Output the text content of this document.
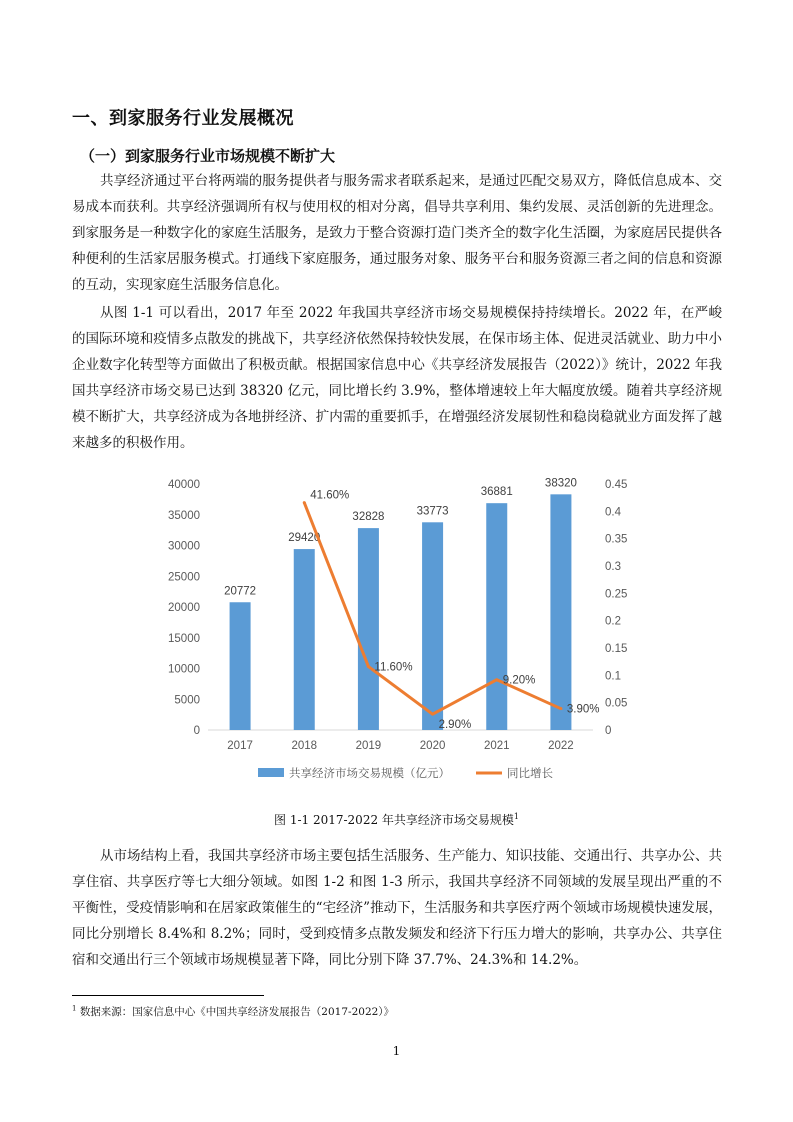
一、到家服务行业发展概况
（一）到家服务行业市场规模不断扩大

共享经济通过平台将两端的服务提供者与服务需求者联系起来，是通过匹配交易双方，降低信息成本、交易成本而获利。共享经济强调所有权与使用权的相对分离，倡导共享利用、集约发展、灵活创新的先进理念。到家服务是一种数字化的家庭生活服务，是致力于整合资源打造门类齐全的数字化生活圈，为家庭居民提供各种便利的生活家居服务模式。打通线下家庭服务，通过服务对象、服务平台和服务资源三者之间的信息和资源的互动，实现家庭生活服务信息化。

从图 1-1 可以看出，2017 年至 2022 年我国共享经济市场交易规模保持持续增长。2022 年，在严峻的国际环境和疫情多点散发的挑战下，共享经济依然保持较快发展，在保市场主体、促进灵活就业、助力中小企业数字化转型等方面做出了积极贡献。根据国家信息中心《共享经济发展报告（2022）》统计，2022 年我国共享经济市场交易已达到 38320 亿元，同比增长约 3.9%，整体增速较上年大幅度放缓。随着共享经济规模不断扩大，共享经济成为各地拼经济、扩内需的重要抓手，在增强经济发展韧性和稳岗稳就业方面发挥了越来越多的积极作用。

0
5000
10000
15000
20000
25000
30000
35000
40000
0
0.05
0.1
0.15
0.2
0.25
0.3
0.35
0.4
0.45
20772
2017
29420
2018
32828
2019
33773
2020
36881
2021
38320
2022
41.60%
11.60%
2.90%
9.20%
3.90%
共享经济市场交易规模（亿元）	同比增长
图 1-1 2017-2022 年共享经济市场交易规模$^1$

从市场结构上看，我国共享经济市场主要包括生活服务、生产能力、知识技能、交通出行、共享办公、共享住宿、共享医疗等七大细分领域。如图 1-2 和图 1-3 所示，我国共享经济不同领域的发展呈现出严重的不平衡性，受疫情影响和在居家政策催生的“宅经济”推动下，生活服务和共享医疗两个领域市场规模快速发展，同比分别增长 8.4%和 8.2%；同时，受到疫情多点散发频发和经济下行压力增大的影响，共享办公、共享住宿和交通出行三个领域市场规模显著下降，同比分别下降 37.7%、24.3%和 14.2%。

$^1$ 数据来源：国家信息中心《中国共享经济发展报告（2017-2022）》
1
